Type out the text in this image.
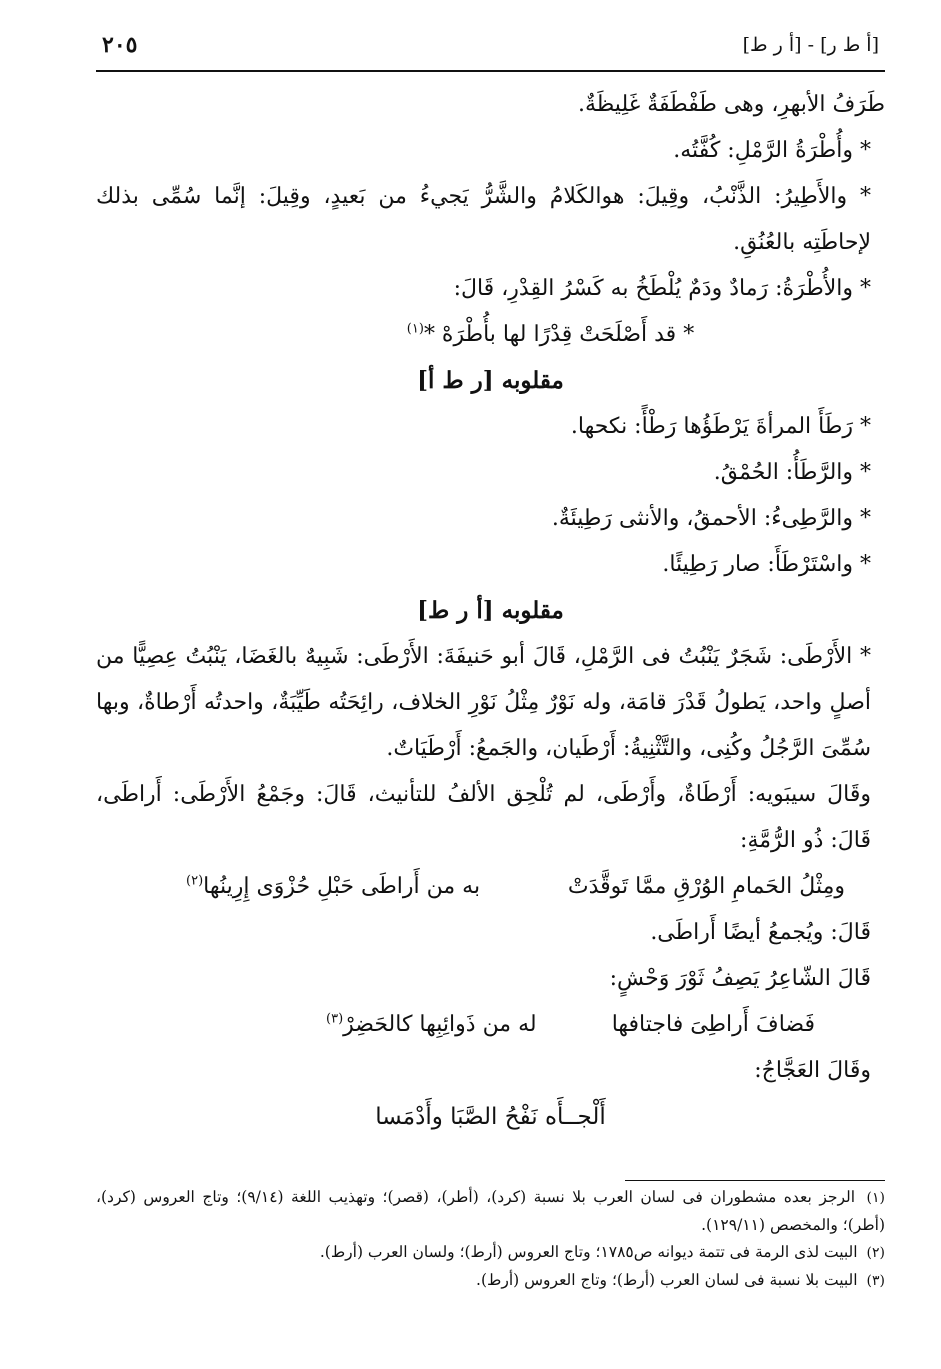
[أ ط ر] - [أ ر ط]
٢٠٥

طَرَفُ الأبهرِ، وهى طَفْطَفَةٌ غَلِيظَةٌ.

* وأُطْرَةُ الرَّمْلِ: كُفَّتُه.

* والأَطِيرُ: الذَّنْبُ، وقِيلَ: هوالكَلامُ والشَّرُّ يَجيءُ من بَعيدٍ، وقِيلَ: إنَّما سُمِّى بذلك لإحاطَتِه بالعُنُقِ.

* والأُطْرَةُ: رَمادٌ ودَمٌ يُلْطَخُ به كَسْرُ القِدْرِ، قَالَ:

* قد أَصْلَحَتْ قِدْرًا لها بأُطْرَهْ *$^{(١)}$

مقلوبه [ر ط أ]

* رَطَأَ المرأةَ يَرْطَؤُها رَطْأً: نكحها.

* والرَّطَأُ: الحُمْقُ.

* والرَّطِىءُ: الأحمقُ، والأنثى رَطِيئَةٌ.

* واسْتَرْطَأَ: صار رَطِيئًا.

مقلوبه [أ ر ط]

* الأَرْطَى: شَجَرٌ يَنْبُتُ فى الرَّمْلِ، قَالَ أبو حَنيفَةَ: الأَرْطَى: شَبِيهٌ بالغَضَا، يَنْبُتُ عِصِيًّا من أصلٍ واحد، يَطولُ قَدْرَ قامَة، وله نَوْرٌ مِثْلُ نَوْرِ الخلاف، رائِحَتُه طَيِّبَةٌ، واحدتُه أَرْطاةٌ، وبها سُمِّىَ الرَّجُلُ وكُنِى، والتَّثْنِيةُ: أَرْطَيان، والجَمعُ: أَرْطَيَاتٌ.

وقَالَ سيبَويه: أَرْطَاةٌ، وأَرْطَى، لم تُلْحِق الألفُ للتأنيث، قَالَ: وجَمْعُ الأَرْطَى: أَراطَى، قَالَ: ذُو الرُّمَّةِ:

ومِثْلُ الحَمامِ الوُرْقِ ممَّا تَوقَّدَتْ
به من أَراطَى حَبْلِ حُزْوَى إِرِينُها$^{(٢)}$

قَالَ: ويُجمعُ أيضًا أَراطَى.

قَالَ الشّاعِرُ يَصِفُ ثَوْرَ وَحْشٍ:

فَضافَ أَراطِىَ فاجتافها
له من ذَوائِبِها كالحَضِرْ$^{(٣)}$

وقَالَ العَجَّاجُ:

أَلْجــأَه نَفْحُ الصَّبَا وأَدْمَسا

(١) الرجز بعده مشطوران فى لسان العرب بلا نسبة (كرد)، (أطر)، (قصر)؛ وتهذيب اللغة (٩/١٤)؛ وتاج العروس (كرد)، (أطر)؛ والمخصص (١٢٩/١١).

(٢) البيت لذى الرمة فى تتمة ديوانه ص١٧٨٥؛ وتاج العروس (أرط)؛ ولسان العرب (أرط).

(٣) البيت بلا نسبة فى لسان العرب (أرط)؛ وتاج العروس (أرط).
